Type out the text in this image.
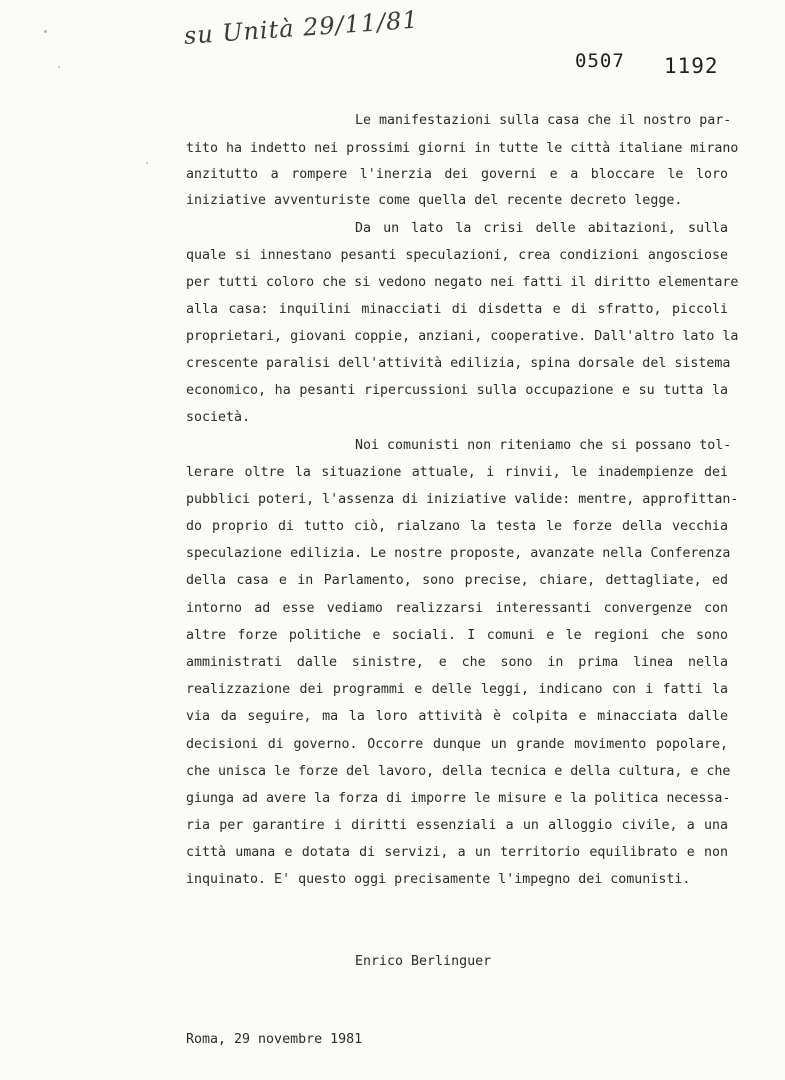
su Unità 29/11/81
0507 1192
Le manifestazioni sulla casa che il nostro par-
tito ha indetto nei prossimi giorni in tutte le città italiane mirano
anzitutto a rompere l'inerzia dei governi e a bloccare le loro
iniziative avventuriste come quella del recente decreto legge.
Da un lato la crisi delle abitazioni, sulla
quale si innestano pesanti speculazioni, crea condizioni angosciose
per tutti coloro che si vedono negato nei fatti il diritto elementare
alla casa: inquilini minacciati di disdetta e di sfratto, piccoli
proprietari, giovani coppie, anziani, cooperative. Dall'altro lato la
crescente paralisi dell'attività edilizia, spina dorsale del sistema
economico, ha pesanti ripercussioni sulla occupazione e su tutta la
società.
Noi comunisti non riteniamo che si possano tol-
lerare oltre la situazione attuale, i rinvii, le inadempienze dei
pubblici poteri, l'assenza di iniziative valide: mentre, approfittan-
do proprio di tutto ciò, rialzano la testa le forze della vecchia
speculazione edilizia. Le nostre proposte, avanzate nella Conferenza
della casa e in Parlamento, sono precise, chiare, dettagliate, ed
intorno ad esse vediamo realizzarsi interessanti convergenze con
altre forze politiche e sociali. I comuni e le regioni che sono
amministrati dalle sinistre, e che sono in prima linea nella
realizzazione dei programmi e delle leggi, indicano con i fatti la
via da seguire, ma la loro attività è colpita e minacciata dalle
decisioni di governo. Occorre dunque un grande movimento popolare,
che unisca le forze del lavoro, della tecnica e della cultura, e che
giunga ad avere la forza di imporre le misure e la politica necessa-
ria per garantire i diritti essenziali a un alloggio civile, a una
città umana e dotata di servizi, a un territorio equilibrato e non
inquinato. E' questo oggi precisamente l'impegno dei comunisti.
Enrico Berlinguer
Roma, 29 novembre 1981
